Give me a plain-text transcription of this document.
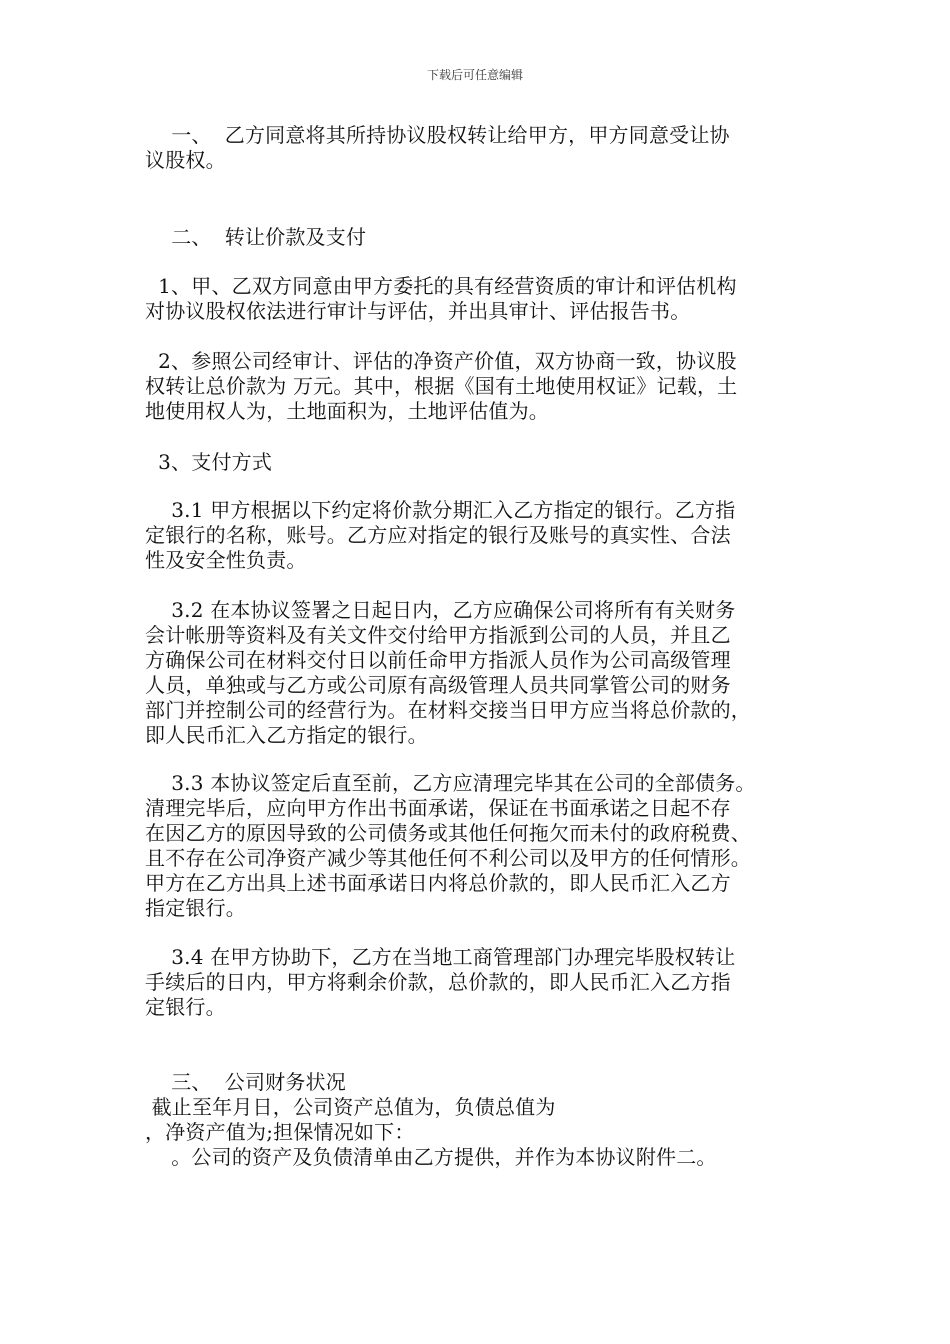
下载后可任意编辑
一、  乙方同意将其所持协议股权转让给甲方，甲方同意受让协
议股权。
二、  转让价款及支付
1、甲、乙双方同意由甲方委托的具有经营资质的审计和评估机构
对协议股权依法进行审计与评估，并出具审计、评估报告书。
2、参照公司经审计、评估的净资产价值，双方协商一致，协议股
权转让总价款为 万元。其中，根据《国有土地使用权证》记载，土
地使用权人为，土地面积为，土地评估值为。
3、支付方式
3.1 甲方根据以下约定将价款分期汇入乙方指定的银行。乙方指
定银行的名称，账号。乙方应对指定的银行及账号的真实性、合法
性及安全性负责。
3.2 在本协议签署之日起日内，乙方应确保公司将所有有关财务
会计帐册等资料及有关文件交付给甲方指派到公司的人员，并且乙
方确保公司在材料交付日以前任命甲方指派人员作为公司高级管理
人员，单独或与乙方或公司原有高级管理人员共同掌管公司的财务
部门并控制公司的经营行为。在材料交接当日甲方应当将总价款的，
即人民币汇入乙方指定的银行。
3.3 本协议签定后直至前，乙方应清理完毕其在公司的全部债务。
清理完毕后，应向甲方作出书面承诺，保证在书面承诺之日起不存
在因乙方的原因导致的公司债务或其他任何拖欠而未付的政府税费、
且不存在公司净资产减少等其他任何不利公司以及甲方的任何情形。
甲方在乙方出具上述书面承诺日内将总价款的，即人民币汇入乙方
指定银行。
3.4 在甲方协助下，乙方在当地工商管理部门办理完毕股权转让
手续后的日内，甲方将剩余价款，总价款的，即人民币汇入乙方指
定银行。
三、  公司财务状况
截止至年月日，公司资产总值为，负债总值为
，净资产值为;担保情况如下：
。公司的资产及负债清单由乙方提供，并作为本协议附件二。
